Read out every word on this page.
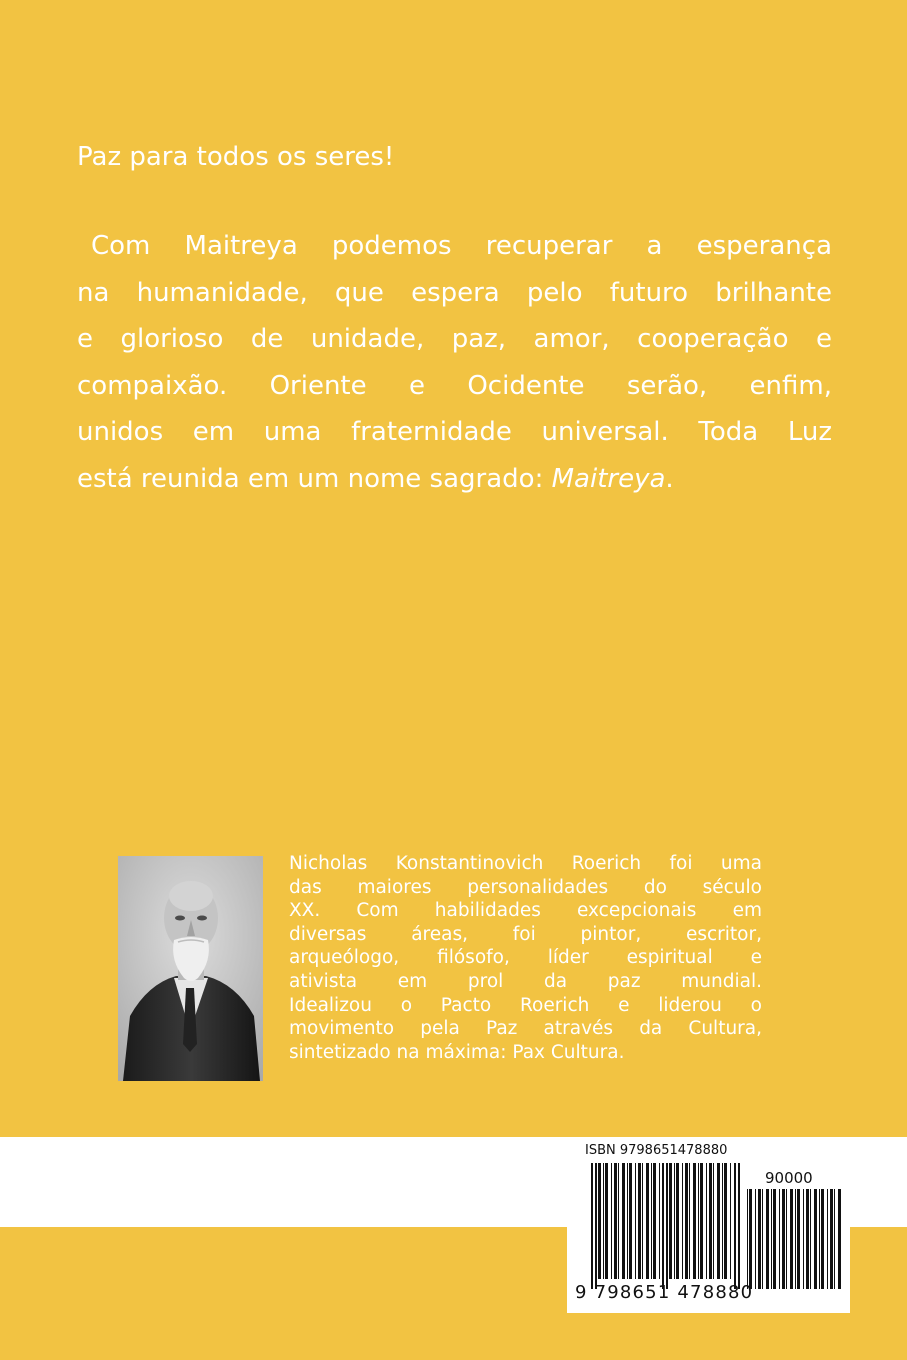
Paz para todos os seres!
Com Maitreya podemos recuperar a esperança
na humanidade, que espera pelo futuro brilhante
e glorioso de unidade, paz, amor, cooperação e
compaixão. Oriente e Ocidente serão, enfim,
unidos em uma fraternidade universal. Toda Luz
está reunida em um nome sagrado: Maitreya.
Nicholas Konstantinovich Roerich foi uma
das maiores personalidades do século
XX. Com habilidades excepcionais em
diversas áreas, foi pintor, escritor,
arqueólogo, filósofo, líder espiritual e
ativista em prol da paz mundial.
Idealizou o Pacto Roerich e liderou o
movimento pela Paz através da Cultura,
sintetizado na máxima: Pax Cultura.
ISBN 9798651478880
90000
9 798651 478880
